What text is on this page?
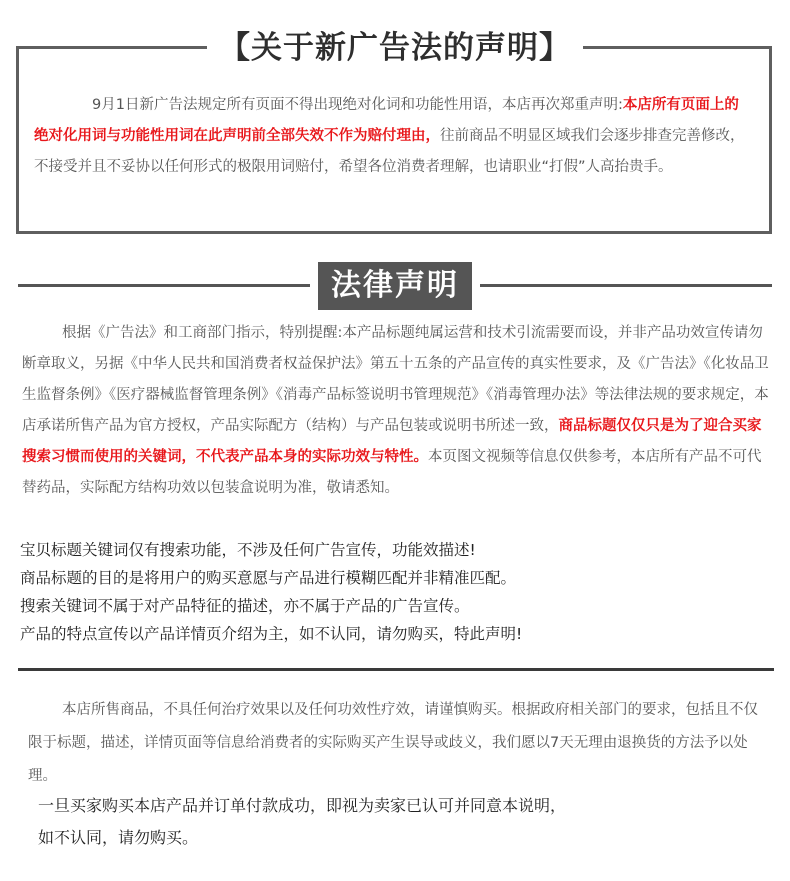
【关于新广告法的声明】
9月1日新广告法规定所有页面不得出现绝对化词和功能性用语，本店再次郑重声明:本店所有页面上的绝对化用词与功能性用词在此声明前全部失效不作为赔付理由，往前商品不明显区域我们会逐步排查完善修改，不接受并且不妥协以任何形式的极限用词赔付，希望各位消费者理解，也请职业“打假”人高抬贵手。
法律声明
根据《广告法》和工商部门指示，特别提醒:本产品标题纯属运营和技术引流需要而设，并非产品功效宣传请勿断章取义，另据《中华人民共和国消费者权益保护法》第五十五条的产品宣传的真实性要求，及《广告法》《化妆品卫生监督条例》《医疗器械监督管理条例》《消毒产品标签说明书管理规范》《消毒管理办法》等法律法规的要求规定，本店承诺所售产品为官方授权，产品实际配方（结构）与产品包装或说明书所述一致，商品标题仅仅只是为了迎合买家搜索习惯而使用的关键词，不代表产品本身的实际功效与特性。本页图文视频等信息仅供参考，本店所有产品不可代替药品，实际配方结构功效以包装盒说明为准，敬请悉知。
宝贝标题关键词仅有搜索功能，不涉及任何广告宣传，功能效描述!
商品标题的目的是将用户的购买意愿与产品进行模糊匹配并非精准匹配。
搜索关键词不属于对产品特征的描述，亦不属于产品的广告宣传。
产品的特点宣传以产品详情页介绍为主，如不认同，请勿购买，特此声明!
本店所售商品，不具任何治疗效果以及任何功效性疗效，请谨慎购买。根据政府相关部门的要求，包括且不仅限于标题，描述，详情页面等信息给消费者的实际购买产生误导或歧义，我们愿以7天无理由退换货的方法予以处理。
一旦买家购买本店产品并订单付款成功，即视为卖家已认可并同意本说明，
如不认同，请勿购买。
